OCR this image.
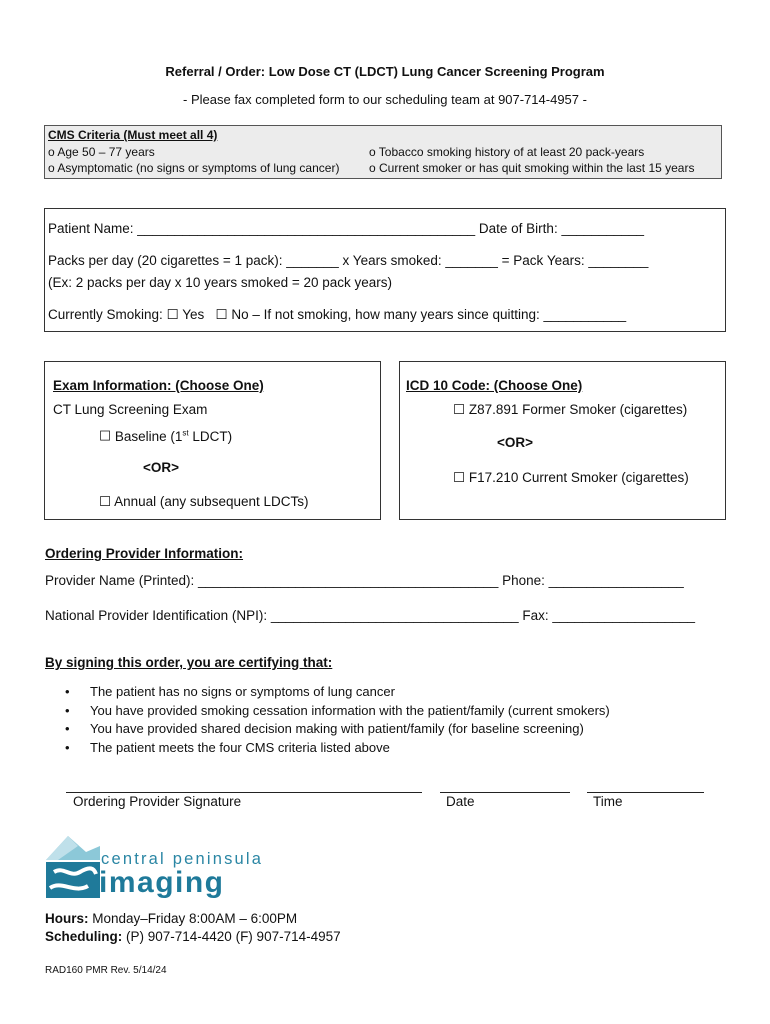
Referral / Order: Low Dose CT (LDCT) Lung Cancer Screening Program
- Please fax completed form to our scheduling team at 907-714-4957 -
CMS Criteria (Must meet all 4)
o Age 50 – 77 years
o Asymptomatic (no signs or symptoms of lung cancer)
o Tobacco smoking history of at least 20 pack-years
o Current smoker or has quit smoking within the last 15 years
Patient Name: _____________________________________________ Date of Birth: ___________
Packs per day (20 cigarettes = 1 pack): _______ x Years smoked: _______ = Pack Years: ________
(Ex: 2 packs per day x 10 years smoked = 20 pack years)
Currently Smoking: ☐ Yes ☐ No – If not smoking, how many years since quitting: ___________
Exam Information: (Choose One)
CT Lung Screening Exam
☐ Baseline (1st LDCT)
<OR>
☐ Annual (any subsequent LDCTs)
ICD 10 Code: (Choose One)
☐ Z87.891 Former Smoker (cigarettes)
<OR>
☐ F17.210 Current Smoker (cigarettes)
Ordering Provider Information:
Provider Name (Printed): ________________________________________ Phone: __________________
National Provider Identification (NPI): _________________________________ Fax: ___________________
By signing this order, you are certifying that:
• The patient has no signs or symptoms of lung cancer
• You have provided smoking cessation information with the patient/family (current smokers)
• You have provided shared decision making with patient/family (for baseline screening)
• The patient meets the four CMS criteria listed above
Ordering Provider Signature	Date	Time
central peninsula
imaging
Hours: Monday–Friday 8:00AM – 6:00PM
Scheduling: (P) 907-714-4420 (F) 907-714-4957
RAD160 PMR Rev. 5/14/24
